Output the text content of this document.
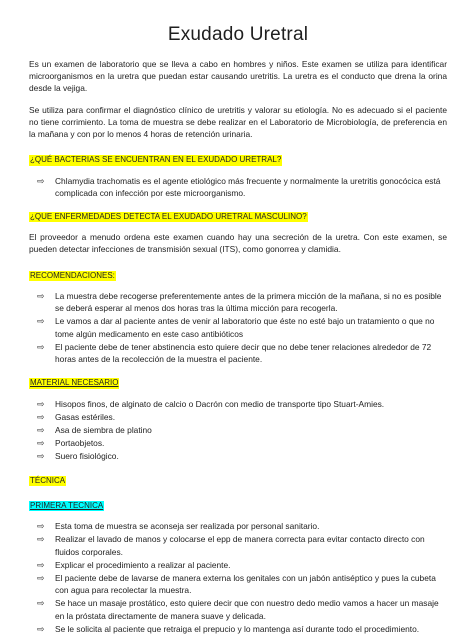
Exudado Uretral

Es un examen de laboratorio que se lleva a cabo en hombres y niños. Este examen se utiliza para identificar microorganismos en la uretra que puedan estar causando uretritis. La uretra es el conducto que drena la orina desde la vejiga.

Se utiliza para confirmar el diagnóstico clínico de uretritis y valorar su etiología. No es adecuado si el paciente no tiene corrimiento. La toma de muestra se debe realizar en el Laboratorio de Microbiología, de preferencia en la mañana y con por lo menos 4 horas de retención urinaria.

¿QUÉ BACTERIAS SE ENCUENTRAN EN EL EXUDADO URETRAL?
⇨ Chlamydia trachomatis es el agente etiológico más frecuente y normalmente la uretritis gonocócica está complicada con infección por este microorganismo.
¿QUE ENFERMEDADES DETECTA EL EXUDADO URETRAL MASCULINO?

El proveedor a menudo ordena este examen cuando hay una secreción de la uretra. Con este examen, se pueden detectar infecciones de transmisión sexual (ITS), como gonorrea y clamidia.

RECOMENDACIONES:
⇨ La muestra debe recogerse preferentemente antes de la primera micción de la mañana, si no es posible se deberá esperar al menos dos horas tras la última micción para recogerla.
⇨ Le vamos a dar al paciente antes de venir al laboratorio que éste no esté bajo un tratamiento o que no tome algún medicamento en este caso antibióticos
⇨ El paciente debe de tener abstinencia esto quiere decir que no debe tener relaciones alrededor de 72 horas antes de la recolección de la muestra el paciente.
MATERIAL NECESARIO
⇨ Hisopos finos, de alginato de calcio o Dacrón con medio de transporte tipo Stuart-Amies.
⇨ Gasas estériles.
⇨ Asa de siembra de platino
⇨ Portaobjetos.
⇨ Suero fisiológico.
TÉCNICA
PRIMERA TECNICA
⇨ Esta toma de muestra se aconseja ser realizada por personal sanitario.
⇨ Realizar el lavado de manos y colocarse el epp de manera correcta para evitar contacto directo con fluidos corporales.
⇨ Explicar el procedimiento a realizar al paciente.
⇨ El paciente debe de lavarse de manera externa los genitales con un jabón antiséptico y pues la cubeta con agua para recolectar la muestra.
⇨ Se hace un masaje prostático, esto quiere decir que con nuestro dedo medio vamos a hacer un masaje en la próstata directamente de manera suave y delicada.
⇨ Se le solicita al paciente que retraiga el prepucio y lo mantenga así durante todo el procedimiento.
